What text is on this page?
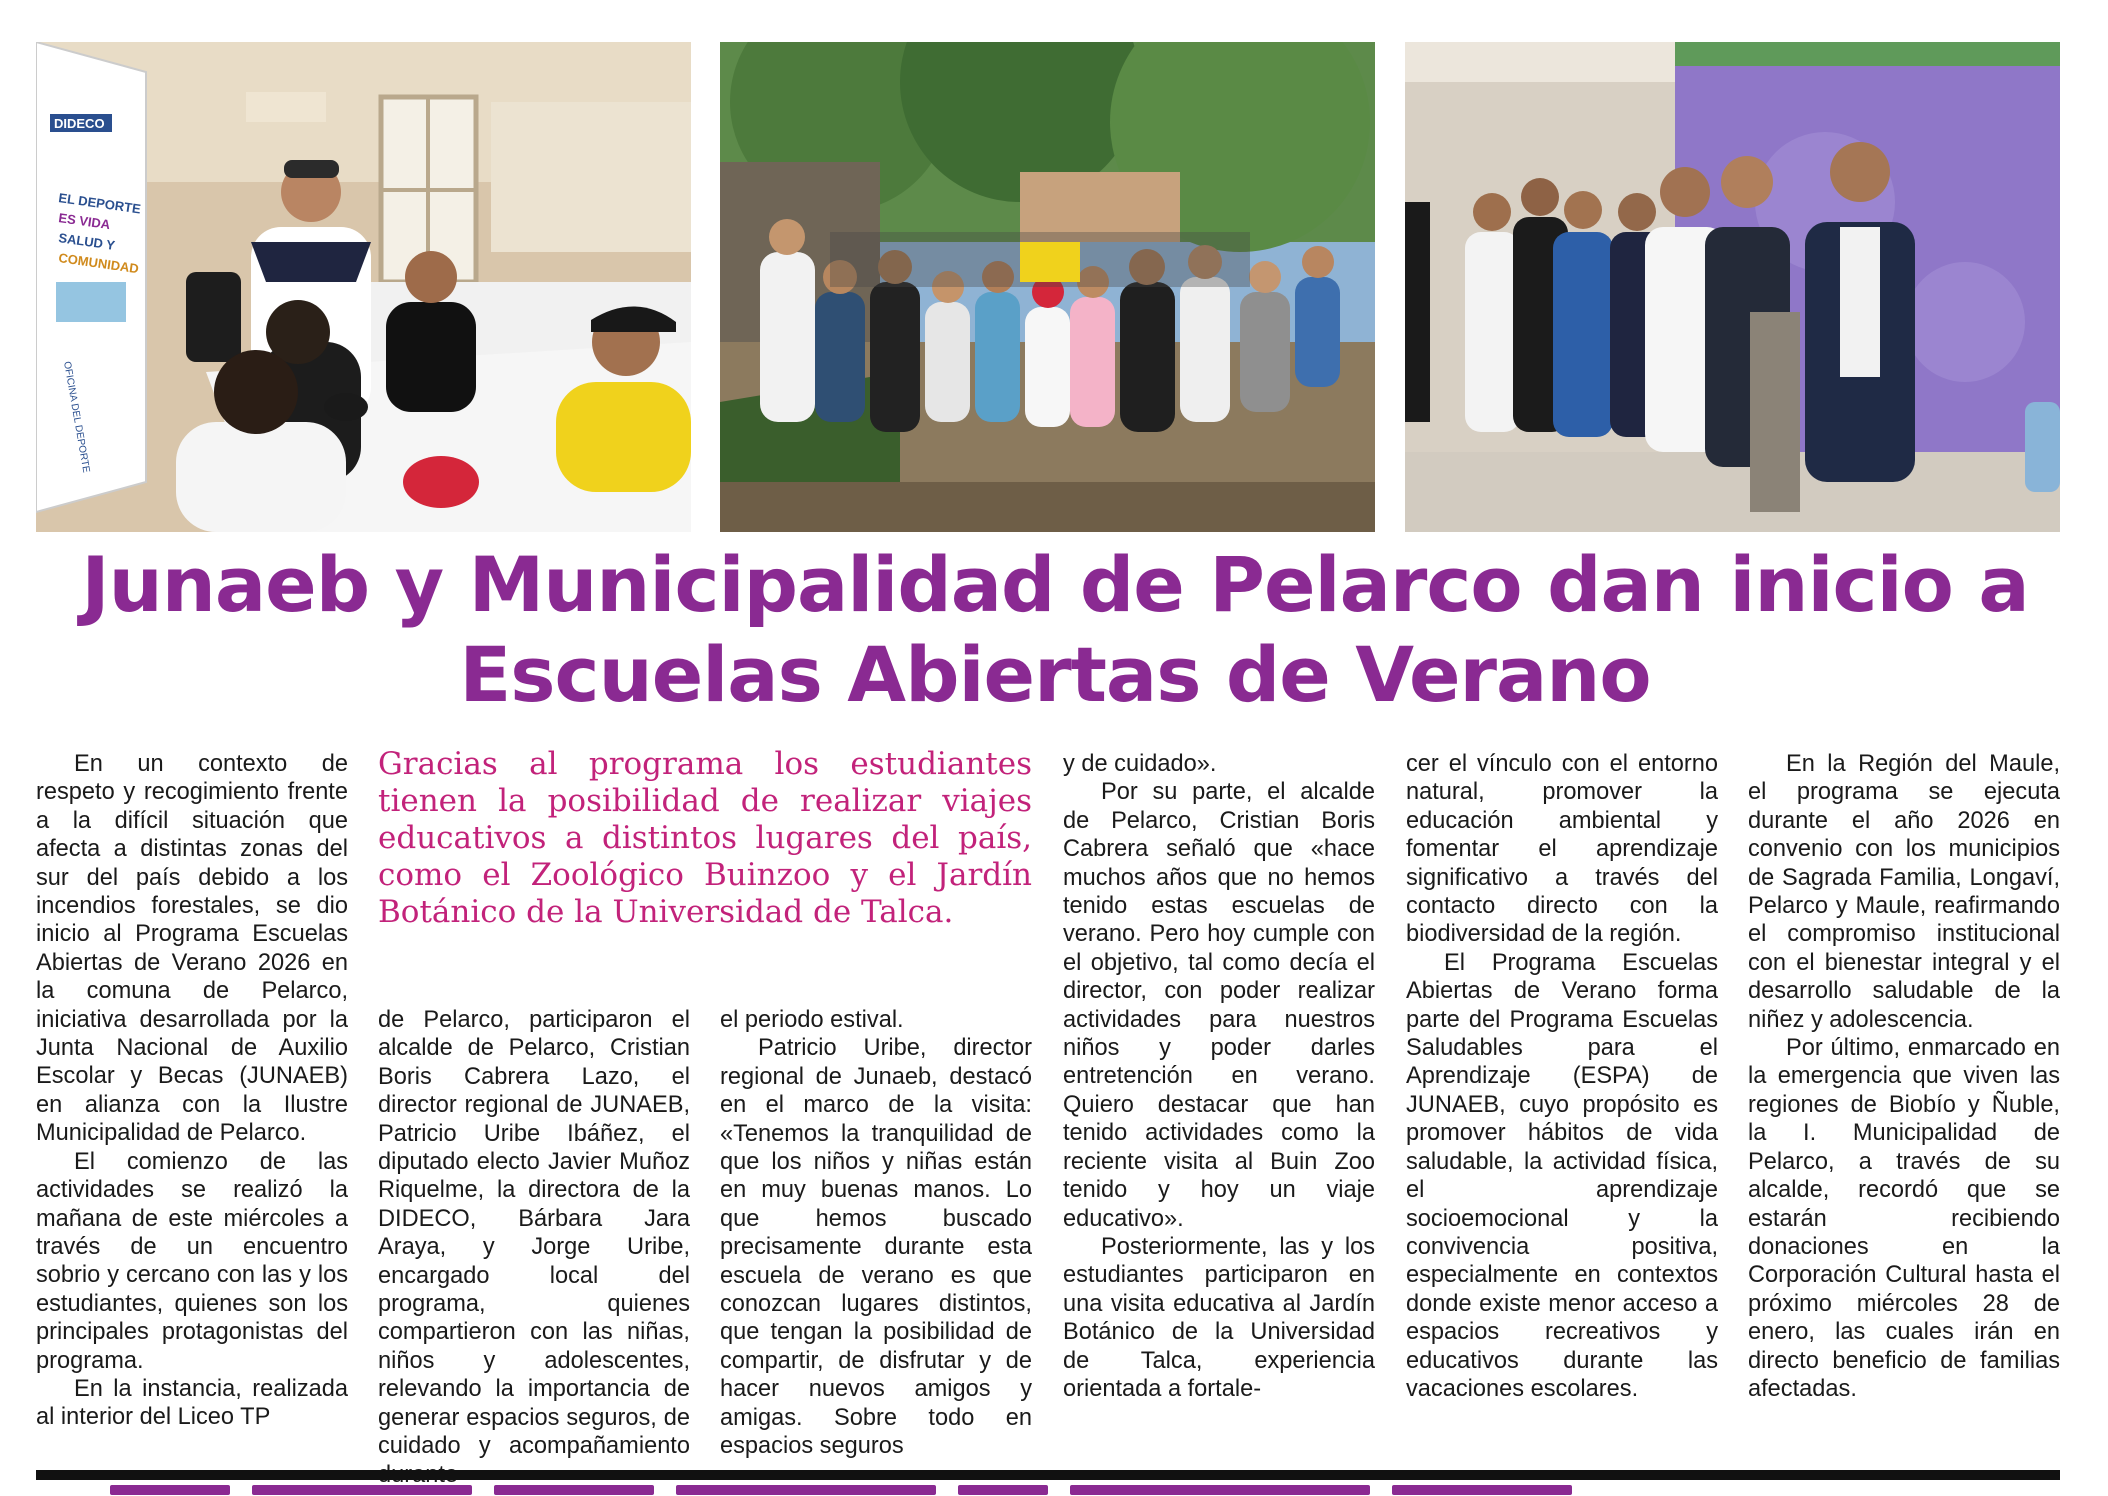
DIDECO
EL DEPORTE
ES VIDA
SALUD Y
COMUNIDAD
OFICINA DEL DEPORTE
Junaeb y Municipalidad de Pelarco dan inicio a
Escuelas Abiertas de Verano
Gracias al programa los estudiantes tienen la posibilidad de realizar viajes educativos a distintos lugares del país, como el Zoológico Buinzoo y el Jardín Botánico de la Universidad de Talca.

En un contexto de respeto y recogimiento frente a la difícil situación que afecta a distintas zonas del sur del país debido a los incendios forestales, se dio inicio al Programa Escuelas Abiertas de Verano 2026 en la comuna de Pelarco, iniciativa desarrollada por la Junta Nacional de Auxilio Escolar y Becas (JUNAEB) en alianza con la Ilustre Municipalidad de Pelarco.

El comienzo de las actividades se realizó la mañana de este miércoles a través de un encuentro sobrio y cercano con las y los estudiantes, quienes son los principales protagonistas del programa.

En la instancia, realizada al interior del Liceo TP

de Pelarco, participaron el alcalde de Pelarco, Cristian Boris Cabrera Lazo, el director regional de JUNAEB, Patricio Uribe Ibáñez, el diputado electo Javier Muñoz Riquelme, la directora de la DIDECO, Bárbara Jara Araya, y Jorge Uribe, encargado local del programa, quienes compartieron con las niñas, niños y adolescentes, relevando la importancia de generar espacios seguros, de cuidado y acompañamiento

el periodo estival.

Patricio Uribe, director regional de Junaeb, destacó en el marco de la visita: «Tenemos la tranquilidad de que los niños y niñas están en muy buenas manos. Lo que hemos buscado precisamente durante esta escuela de verano es que conozcan lugares distintos, que tengan la posibilidad de compartir, de disfrutar y de hacer nuevos amigos y amigas. Sobre todo en espacios seguros

y de cuidado».

Por su parte, el alcalde de Pelarco, Cristian Boris Cabrera señaló que «hace muchos años que no hemos tenido estas escuelas de verano. Pero hoy cumple con el objetivo, tal como decía el director, con poder realizar actividades para nuestros niños y poder darles entretención en verano. Quiero destacar que han tenido actividades como la reciente visita al Buin Zoo tenido y hoy un viaje educativo».

Posteriormente, las y los estudiantes participaron en una visita educativa al Jardín Botánico de la Universidad de Talca, experiencia orientada a fortale-

cer el vínculo con el entorno natural, promover la educación ambiental y fomentar el aprendizaje significativo a través del contacto directo con la biodiversidad de la región.

El Programa Escuelas Abiertas de Verano forma parte del Programa Escuelas Saludables para el Aprendizaje (ESPA) de JUNAEB, cuyo propósito es promover hábitos de vida saludable, la actividad física, el aprendizaje socioemocional y la convivencia positiva, especialmente en contextos donde existe menor acceso a espacios recreativos y educativos durante las vacaciones escolares.

En la Región del Maule, el programa se ejecuta durante el año 2026 en convenio con los municipios de Sagrada Familia, Longaví, Pelarco y Maule, reafirmando el compromiso institucional con el bienestar integral y el desarrollo saludable de la niñez y adolescencia.

Por último, enmarcado en la emergencia que viven las regiones de Biobío y Ñuble, la I. Municipalidad de Pelarco, a través de su alcalde, recordó que se estarán recibiendo donaciones en la Corporación Cultural hasta el próximo miércoles 28 de enero, las cuales irán en directo beneficio de familias afectadas.
